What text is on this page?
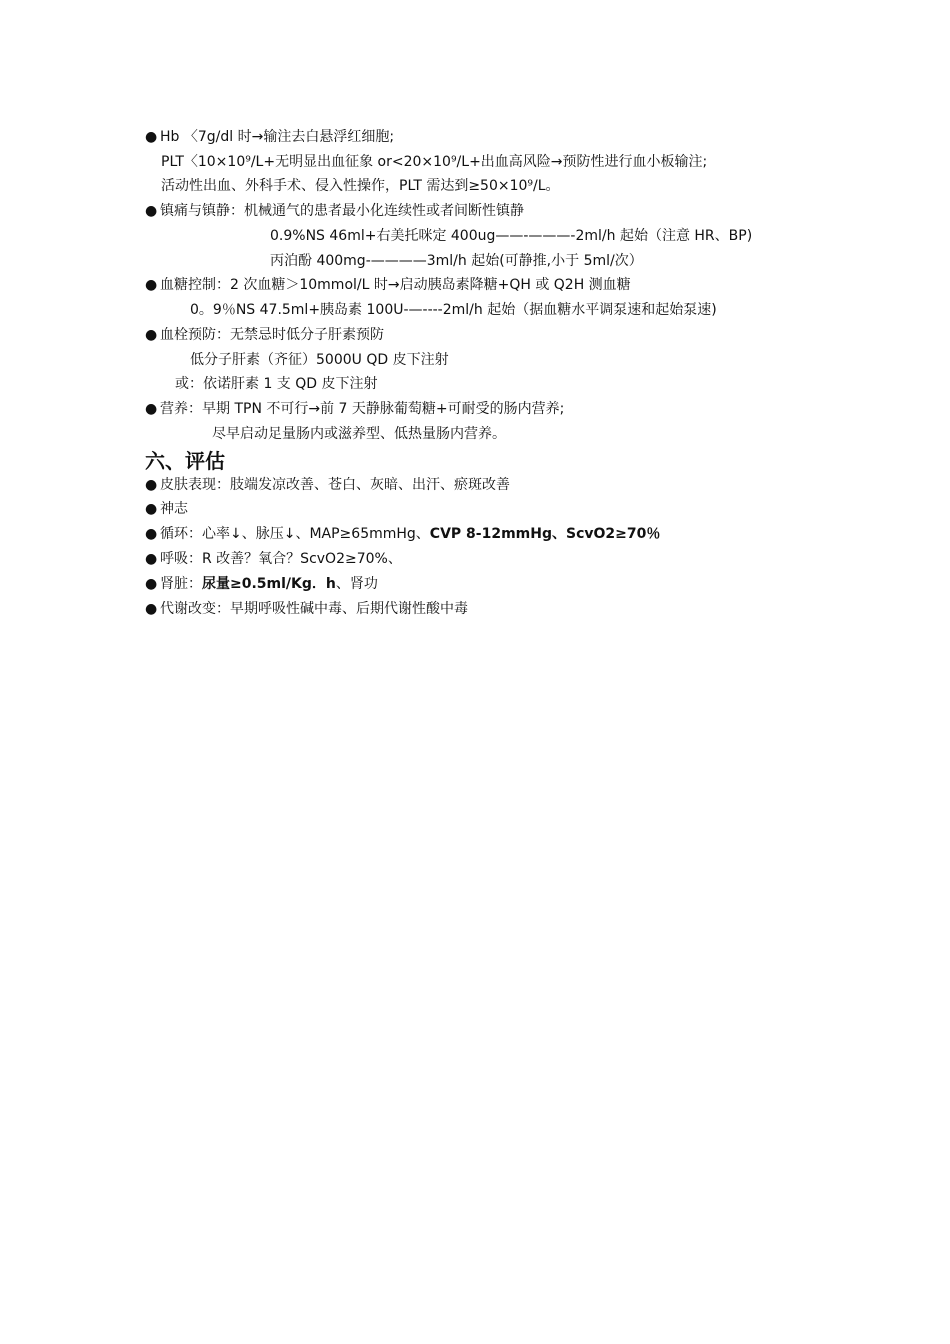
● Hb 〈7g/dl 时→输注去白悬浮红细胞;
PLT〈10×10⁹/L+无明显出血征象 or<20×10⁹/L+出血高风险→预防性进行血小板输注;
活动性出血、外科手术、侵入性操作，PLT 需达到≥50×10⁹/L。
● 镇痛与镇静：机械通气的患者最小化连续性或者间断性镇静
0.9%NS 46ml+右美托咪定 400ug——-———-2ml/h 起始（注意 HR、BP)
丙泊酚 400mg-————3ml/h 起始(可静推,小于 5ml/次）
● 血糖控制：2 次血糖＞10mmol/L 时→启动胰岛素降糖+QH 或 Q2H 测血糖
0。9％NS 47.5ml+胰岛素 100U-—----2ml/h 起始（据血糖水平调泵速和起始泵速)
● 血栓预防：无禁忌时低分子肝素预防
低分子肝素（齐征）5000U QD 皮下注射
或：依诺肝素 1 支 QD 皮下注射
● 营养：早期 TPN 不可行→前 7 天静脉葡萄糖+可耐受的肠内营养;
尽早启动足量肠内或滋养型、低热量肠内营养。
六、评估
● 皮肤表现：肢端发凉改善、苍白、灰暗、出汗、瘀斑改善
● 神志
● 循环：心率↓、脉压↓、MAP≥65mmHg、CVP 8-12mmHg、ScvO2≥70％
● 呼吸：R 改善？氧合？ScvO2≥70%、
● 肾脏：尿量≥0.5ml/Kg．h、肾功
● 代谢改变：早期呼吸性碱中毒、后期代谢性酸中毒
